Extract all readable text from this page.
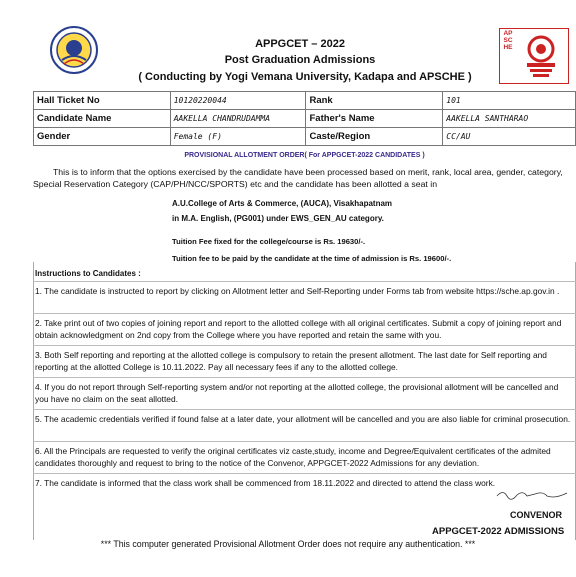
APPGCET – 2022
Post Graduation Admissions
( Conducting by Yogi Vemana University, Kadapa and APSCHE )
APSCHE
Hall Ticket No	10120220044	Rank	101
Candidate Name	AAKELLA CHANDRUDAMMA	Father's Name	AAKELLA SANTHARAO
Gender	Female (F)	Caste/Region	CC/AU
PROVISIONAL ALLOTMENT ORDER( For APPGCET-2022 CANDIDATES )
This is to inform that the options exercised by the candidate have been processed based on merit, rank, local area, gender, category, Special Reservation Category (CAP/PH/NCC/SPORTS) etc and the candidate has been allotted a seat in
A.U.College of Arts & Commerce, (AUCA), Visakhapatnam
in M.A. English, (PG001) under EWS_GEN_AU category.
Tuition Fee fixed for the college/course is Rs. 19630/-.
Tuition fee to be paid by the candidate at the time of admission is Rs. 19600/-.
Instructions to Candidates :
1. The candidate is instructed to report by clicking on Allotment letter and Self-Reporting under Forms tab from website https://sche.ap.gov.in .
2. Take print out of two copies of joining report and report to the allotted college with all original certificates. Submit a copy of joining report and obtain acknowledgment on 2nd copy from the College where you have reported and retain the same with you.
3. Both Self reporting and reporting at the allotted college is compulsory to retain the present allotment. The last date for Self reporting and reporting at the allotted College is 10.11.2022. Pay all necessary fees if any to the allotted college.
4. If you do not report through Self-reporting system and/or not reporting at the allotted college, the provisional allotment will be cancelled and you have no claim on the seat allotted.
5. The academic credentials verified if found false at a later date, your allotment will be cancelled and you are also liable for criminal prosecution.
6. All the Principals are requested to verify the original certificates viz caste,study, income and Degree/Equivalent certificates of the admited candidates thoroughly and request to bring to the notice of the Convenor, APPGCET-2022 Admissions for any deviation.
7. The candidate is informed that the class work shall be commenced from 18.11.2022 and directed to attend the class work.
CONVENOR
APPGCET-2022 ADMISSIONS
*** This computer generated Provisional Allotment Order does not require any authentication. ***
